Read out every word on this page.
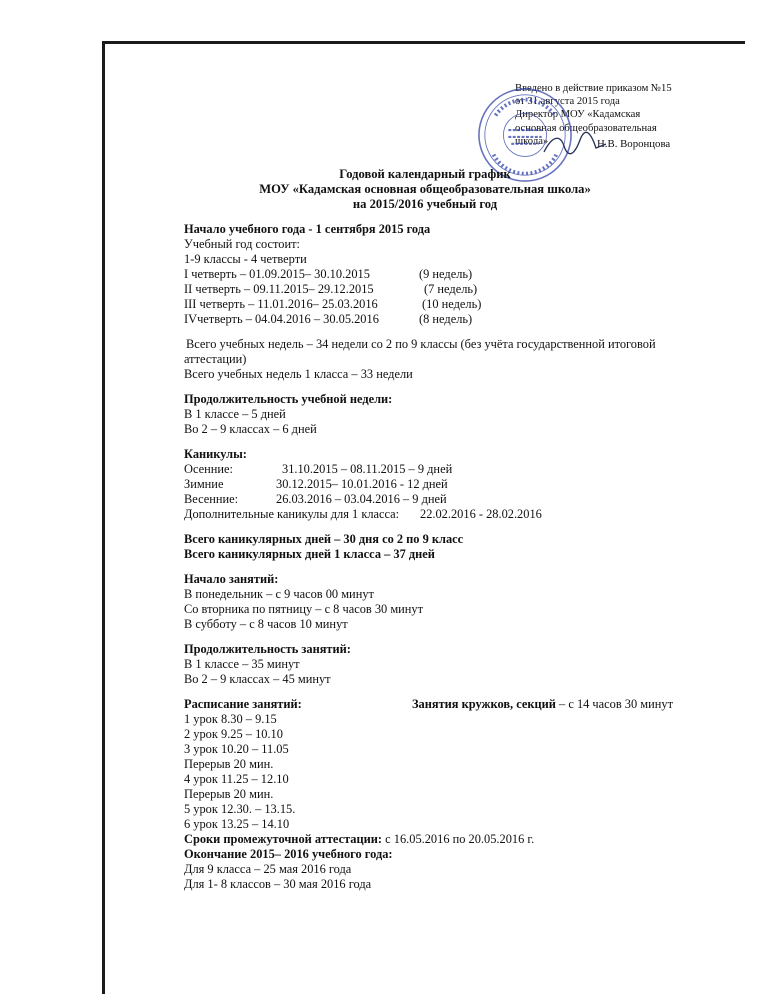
Введено в действие приказом №15
от 31 августа 2015 года
Директор МОУ «Кадамская
основная общеобразовательная
школа»	Н.В. Воронцова
Годовой календарный график
МОУ «Кадамская основная общеобразовательная школа»
на 2015/2016 учебный год
Начало учебного года - 1 сентября 2015 года
Учебный год состоит:
1-9 классы - 4 четверти
I четверть – 01.09.2015– 30.10.2015	(9 недель)
II четверть – 09.11.2015– 29.12.2015	(7 недель)
III четверть – 11.01.2016– 25.03.2016	(10 недель)
IVчетверть – 04.04.2016 – 30.05.2016	(8 недель)
Всего учебных недель – 34 недели со 2 по 9 классы (без учёта государственной итоговой
аттестации)
Всего учебных недель 1 класса – 33 недели
Продолжительность учебной недели:
В 1 классе – 5 дней
Во 2 – 9 классах – 6 дней
Каникулы:
Осенние:	31.10.2015 – 08.11.2015 – 9 дней
Зимние	30.12.2015– 10.01.2016 - 12 дней
Весенние:	26.03.2016 – 03.04.2016 – 9 дней
Дополнительные каникулы для 1 класса: 22.02.2016 - 28.02.2016
Всего каникулярных дней – 30 дня со 2 по 9 класс
Всего каникулярных дней 1 класса – 37 дней
Начало занятий:
В понедельник – с 9 часов 00 минут
Со вторника по пятницу – с 8 часов 30 минут
В субботу – с 8 часов 10 минут
Продолжительность занятий:
В 1 классе – 35 минут
Во 2 – 9 классах – 45 минут
Расписание занятий:	Занятия кружков, секций – с 14 часов 30 минут
1 урок 8.30 – 9.15
2 урок 9.25 – 10.10
3 урок 10.20 – 11.05
Перерыв 20 мин.
4 урок 11.25 – 12.10
Перерыв 20 мин.
5 урок 12.30. – 13.15.
6 урок 13.25 – 14.10
Сроки промежуточной аттестации: с 16.05.2016 по 20.05.2016 г.
Окончание 2015– 2016 учебного года:
Для 9 класса – 25 мая 2016 года
Для 1- 8 классов – 30 мая 2016 года
